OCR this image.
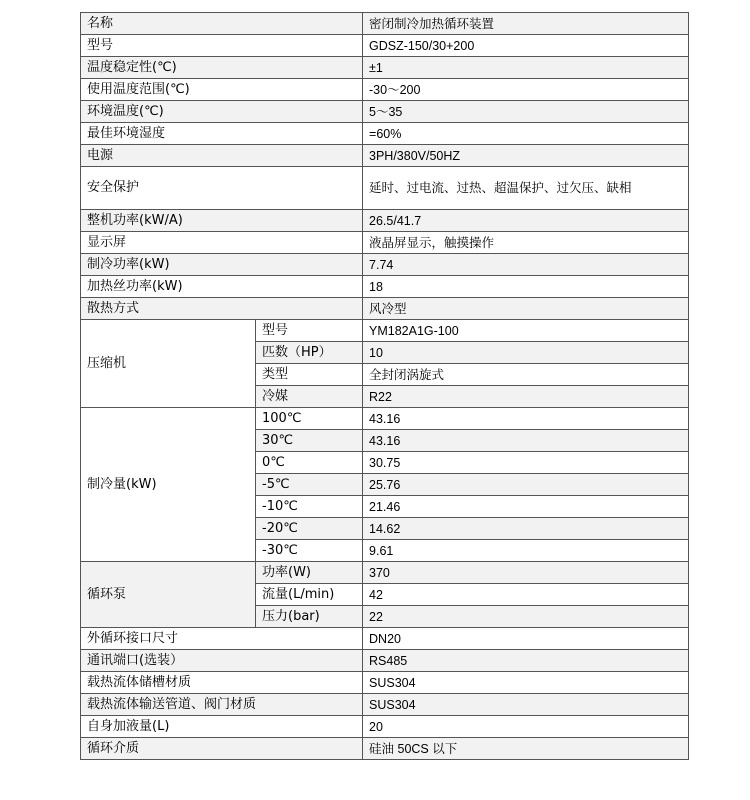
名称		密闭制冷加热循环装置
型号		GDSZ-150/30+200
温度稳定性(℃)		±1
使用温度范围(℃)		-30～200
环境温度(℃)		5～35
最佳环境湿度		=60%
电源		3PH/380V/50HZ
安全保护		延时、过电流、过热、超温保护、过欠压、缺相
整机功率(kW/A)		26.5/41.7
显示屏		液晶屏显示，触摸操作
制冷功率(kW)		7.74
加热丝功率(kW)		18
散热方式		风冷型
压缩机	型号	YM182A1G-100
	匹数（HP）	10
	类型	全封闭涡旋式
	冷媒	R22
制冷量(kW)	100℃	43.16
	30℃	43.16
	0℃	30.75
	-5℃	25.76
	-10℃	21.46
	-20℃	14.62
	-30℃	9.61
循环泵	功率(W)	370
	流量(L/min)	42
	压力(bar)	22
外循环接口尺寸		DN20
通讯端口(选装）		RS485
载热流体储槽材质		SUS304
载热流体输送管道、阀门材质		SUS304
自身加液量(L)		20
循环介质		硅油 50CS 以下
